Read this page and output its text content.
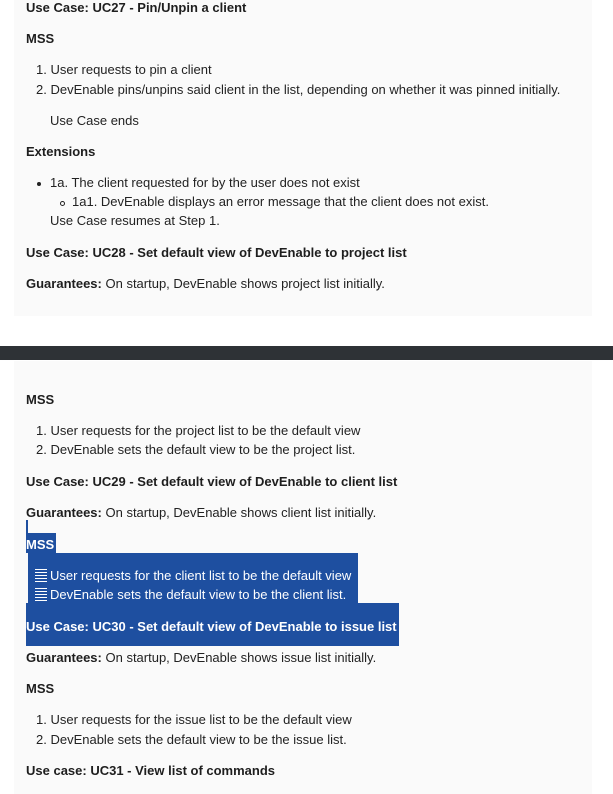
Use Case: UC27 - Pin/Unpin a client
MSS
1. User requests to pin a client
2. DevEnable pins/unpins said client in the list, depending on whether it was pinned initially.
Use Case ends
Extensions
1a. The client requested for by the user does not exist
1a1. DevEnable displays an error message that the client does not exist.
Use Case resumes at Step 1.
Use Case: UC28 - Set default view of DevEnable to project list
Guarantees: On startup, DevEnable shows project list initially.
MSS
1. User requests for the project list to be the default view
2. DevEnable sets the default view to be the project list.
Use Case: UC29 - Set default view of DevEnable to client list
Guarantees: On startup, DevEnable shows client list initially.
MSS
User requests for the client list to be the default view
DevEnable sets the default view to be the client list.
Use Case: UC30 - Set default view of DevEnable to issue list
Guarantees: On startup, DevEnable shows issue list initially.
MSS
1. User requests for the issue list to be the default view
2. DevEnable sets the default view to be the issue list.
Use case: UC31 - View list of commands
